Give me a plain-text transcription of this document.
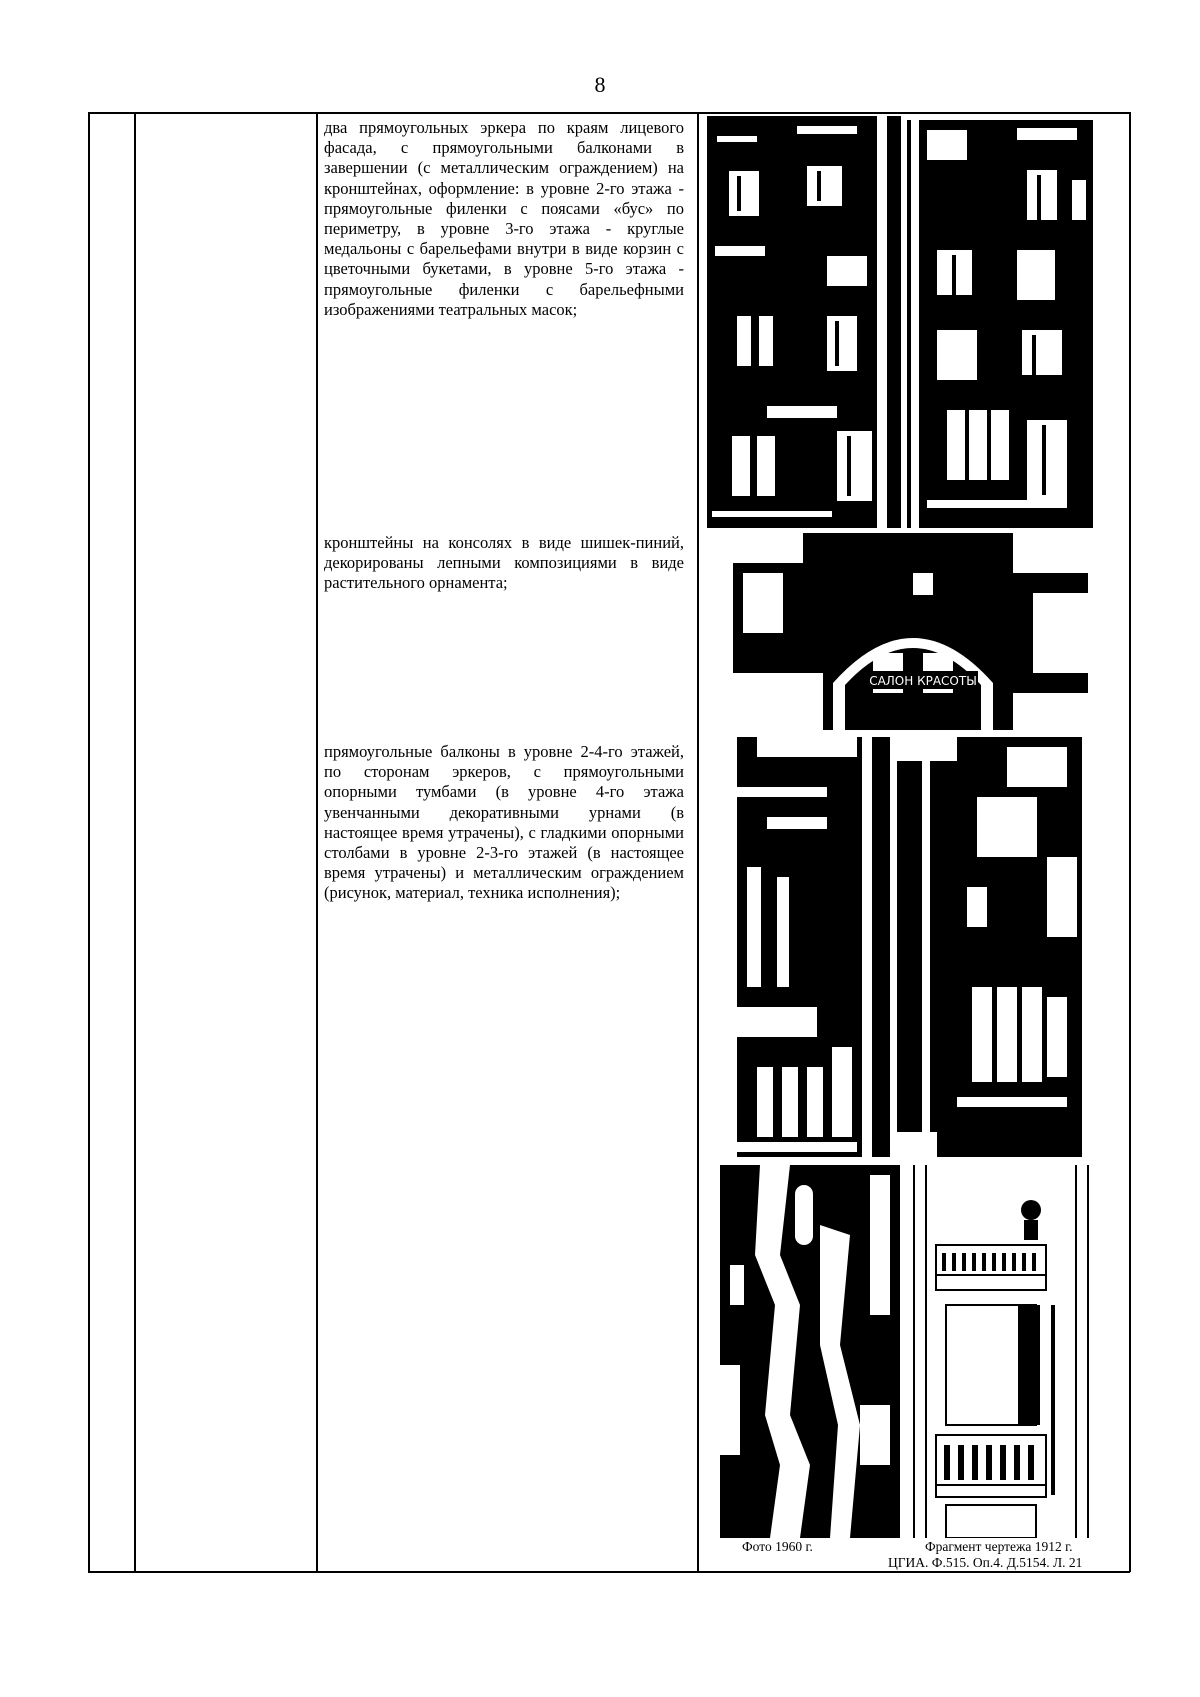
8
два прямоугольных эркера по краям лицевого фасада, с прямоугольными балконами в завершении (с металлическим ограждением) на кронштейнах, оформление: в уровне 2-го этажа - прямоугольные филенки с поясами «бус» по периметру, в уровне 3-го этажа - круглые медальоны с барельефами внутри в виде корзин с цветочными букетами, в уровне 5-го этажа - прямоугольные филенки с барельефными изображениями театральных масок;
кронштейны на консолях в виде шишек-пиний, декорированы лепными композициями в виде растительного орнамента;
прямоугольные балконы в уровне 2-4-го этажей, по сторонам эркеров, с прямоугольными опорными тумбами (в уровне 4-го этажа увенчанными декоративными урнами (в настоящее время утрачены), с гладкими опорными столбами в уровне 2-3-го этажей (в настоящее время утрачены) и металлическим ограждением (рисунок, материал, техника исполнения);
САЛОН КРАСОТЫ
Фото 1960 г.	Фрагмент чертежа 1912 г.
ЦГИА. Ф.515. Оп.4. Д.5154. Л. 21
